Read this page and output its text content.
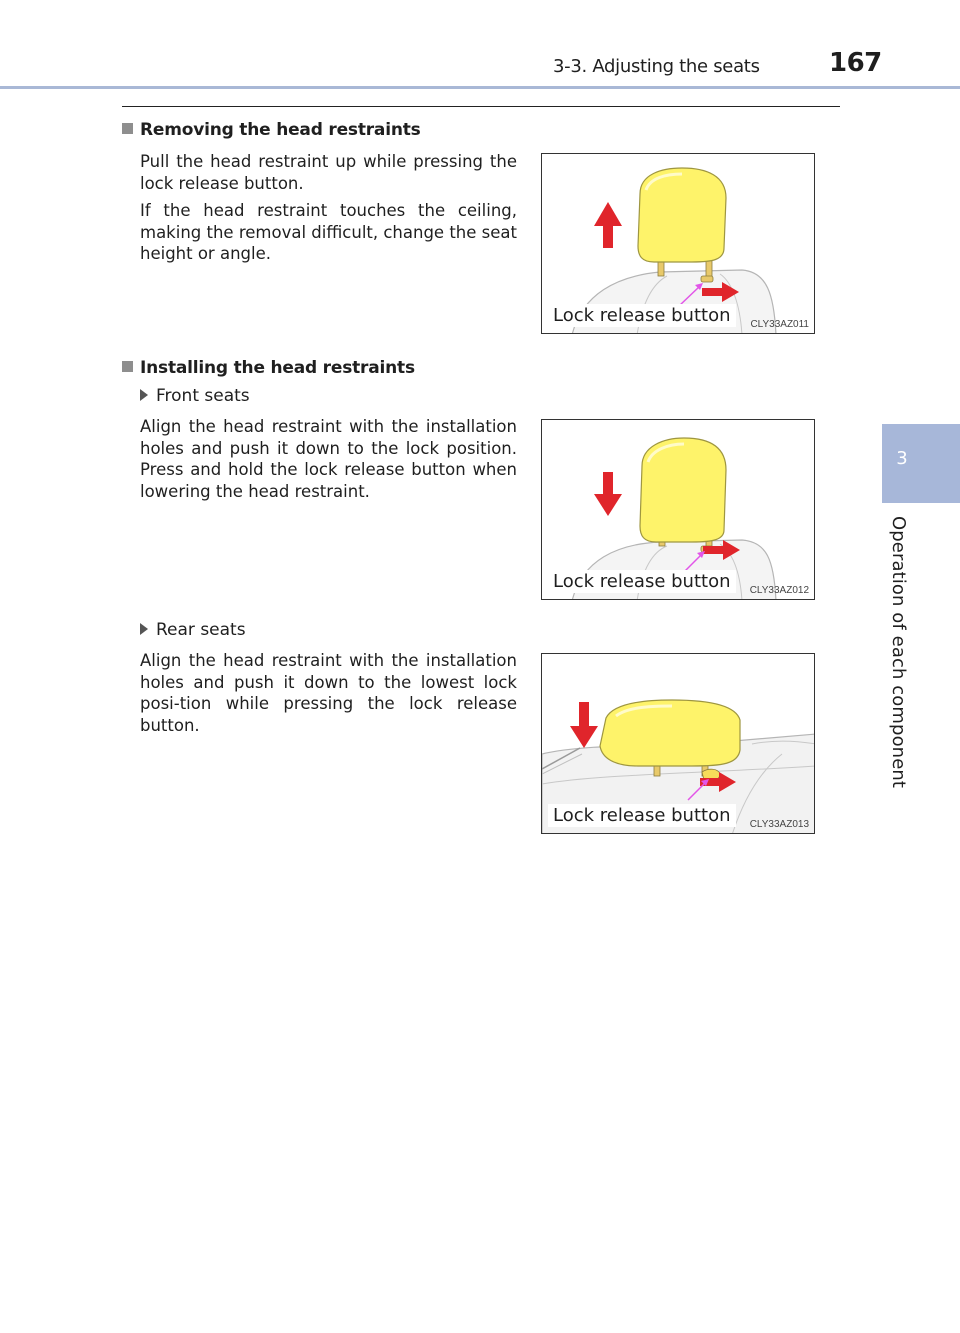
3-3. Adjusting the seats	167
3
Operation of each component
Removing the head restraints
Pull the head restraint up while pressing the lock release button.
If the head restraint touches the ceiling, making the removal difficult, change the seat height or angle.
Lock release button	CLY33AZ011
Installing the head restraints
Front seats
Align the head restraint with the installation holes and push it down to the lock position. Press and hold the lock release button when lowering the head restraint.
Lock release button	CLY33AZ012
Rear seats
Align the head restraint with the installation holes and push it down to the lowest lock posi-tion while pressing the lock release button.
Lock release button	CLY33AZ013
